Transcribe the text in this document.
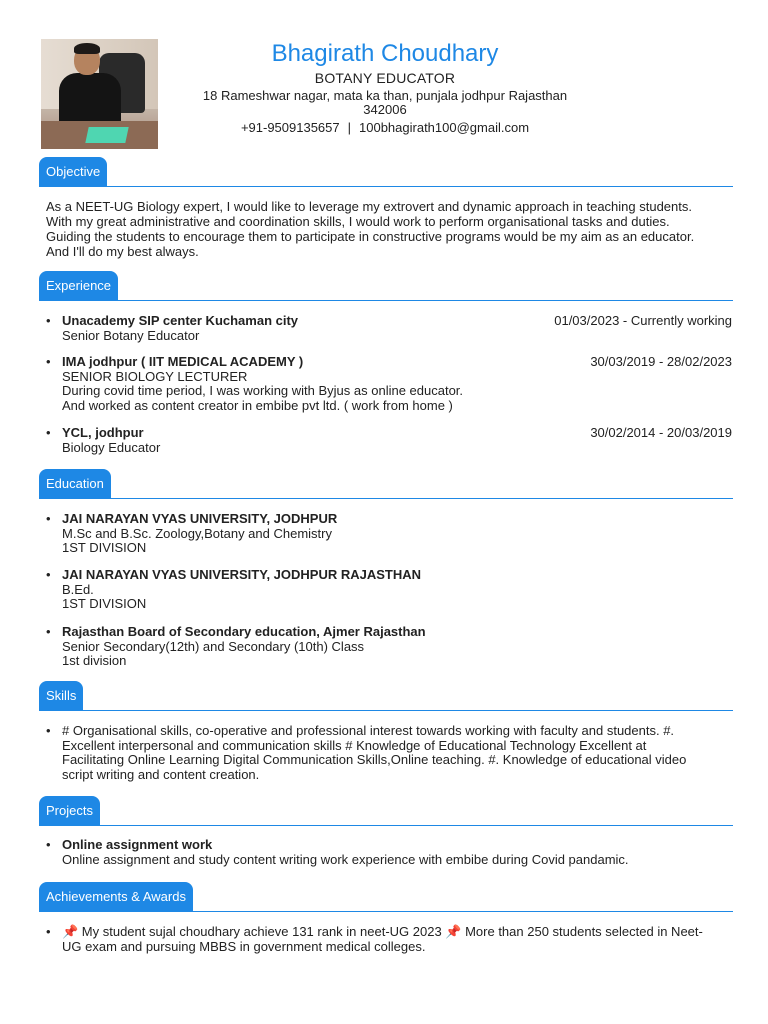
Bhagirath Choudhary
BOTANY EDUCATOR
18 Rameshwar nagar, mata ka than, punjala jodhpur Rajasthan
342006
+91-9509135657 | 100bhagirath100@gmail.com
Objective
As a NEET-UG Biology expert, I would like to leverage my extrovert and dynamic approach in teaching students.
With my great administrative and coordination skills, I would work to perform organisational tasks and duties.
Guiding the students to encourage them to participate in constructive programs would be my aim as an educator.
And I'll do my best always.
Experience
• Unacademy SIP center Kuchaman city
Senior Botany Educator
01/03/2023 - Currently working
• IMA jodhpur ( IIT MEDICAL ACADEMY )
SENIOR BIOLOGY LECTURER
During covid time period, I was working with Byjus as online educator.
And worked as content creator in embibe pvt ltd. ( work from home )
30/03/2019 - 28/02/2023
• YCL, jodhpur
Biology Educator
30/02/2014 - 20/03/2019
Education
• JAI NARAYAN VYAS UNIVERSITY, JODHPUR
M.Sc and B.Sc. Zoology,Botany and Chemistry
1ST DIVISION
• JAI NARAYAN VYAS UNIVERSITY, JODHPUR RAJASTHAN
B.Ed.
1ST DIVISION
• Rajasthan Board of Secondary education, Ajmer Rajasthan
Senior Secondary(12th) and Secondary (10th) Class
1st division
Skills
• # Organisational skills, co-operative and professional interest towards working with faculty and students. #.
Excellent interpersonal and communication skills # Knowledge of Educational Technology Excellent at
Facilitating Online Learning Digital Communication Skills,Online teaching. #. Knowledge of educational video
script writing and content creation.
Projects
• Online assignment work
Online assignment and study content writing work experience with embibe during Covid pandamic.
Achievements & Awards
• 📌 My student sujal choudhary achieve 131 rank in neet-UG 2023 📌 More than 250 students selected in Neet-
UG exam and pursuing MBBS in government medical colleges.
